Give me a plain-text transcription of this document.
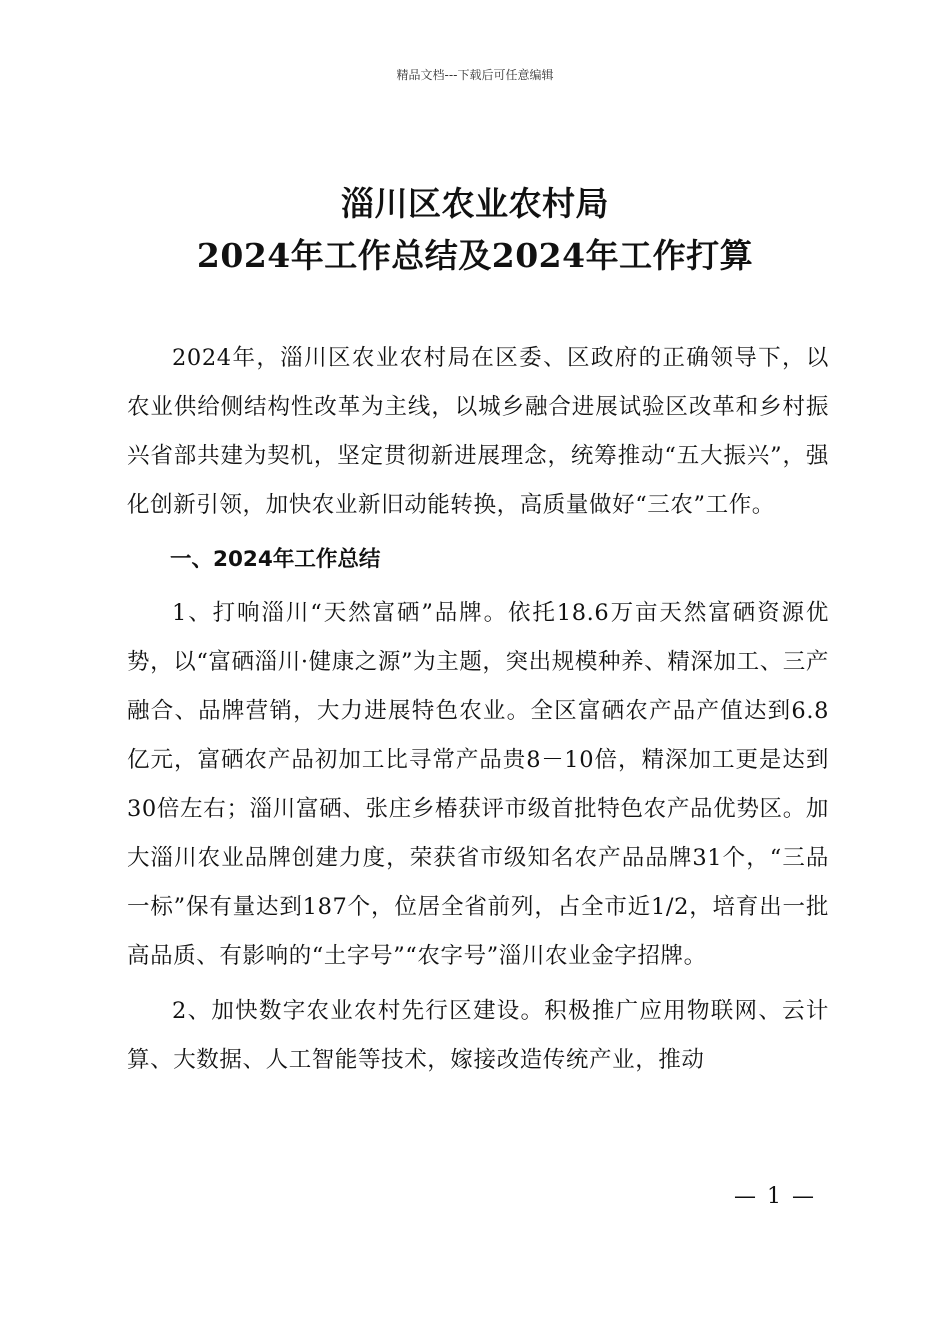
精品文档---下载后可任意编辑
淄川区农业农村局
2024年工作总结及2024年工作打算

2024年，淄川区农业农村局在区委、区政府的正确领导下，以农业供给侧结构性改革为主线，以城乡融合进展试验区改革和乡村振兴省部共建为契机，坚定贯彻新进展理念，统筹推动“五大振兴”，强化创新引领，加快农业新旧动能转换，高质量做好“三农”工作。

一、2024年工作总结

1、打响淄川“天然富硒”品牌。依托18.6万亩天然富硒资源优势，以“富硒淄川·健康之源”为主题，突出规模种养、精深加工、三产融合、品牌营销，大力进展特色农业。全区富硒农产品产值达到6.8亿元，富硒农产品初加工比寻常产品贵8－10倍，精深加工更是达到30倍左右；淄川富硒、张庄乡椿获评市级首批特色农产品优势区。加大淄川农业品牌创建力度，荣获省市级知名农产品品牌31个，“三品一标”保有量达到187个，位居全省前列，占全市近1/2，培育出一批高品质、有影响的“土字号”“农字号”淄川农业金字招牌。

2、加快数字农业农村先行区建设。积极推广应用物联网、云计算、大数据、人工智能等技术，嫁接改造传统产业，推动

— 1 —
